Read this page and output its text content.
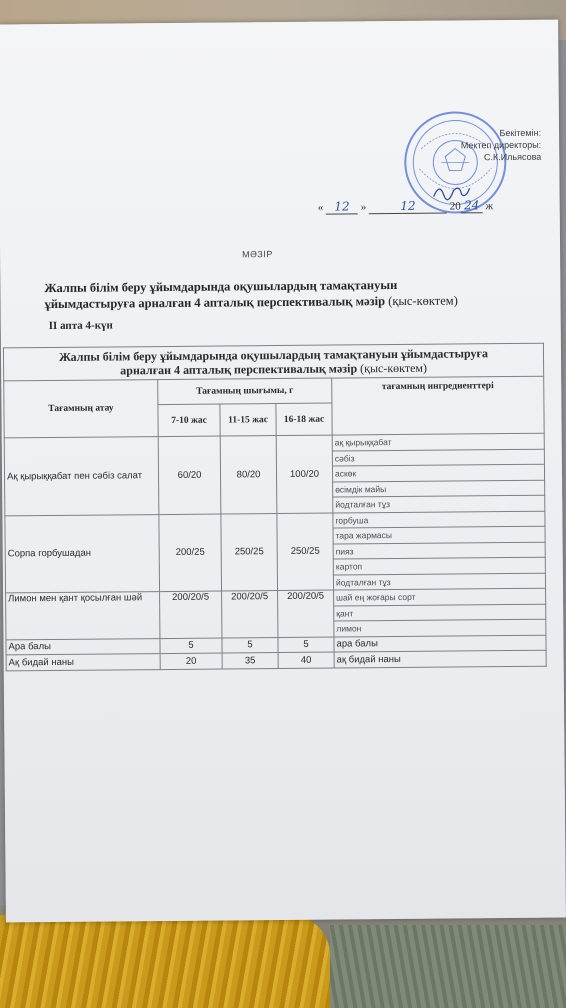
Бекітемін:
Мектеп директоры:
С.К.Ильясова
« 12 »	12	20 24 ж
МӘЗІР
Жалпы білім беру ұйымдарында оқушылардың тамақтануын
ұйымдастыруға арналған 4 апталық перспективалық мәзір (қыс-көктем)
II апта 4-күн
Жалпы білім беру ұйымдарында оқушылардың тамақтануын ұйымдастыруға
арналған 4 апталық перспективалық мәзір (қыс-көктем)				

Тағамның атау	Тағамның шығымы, г			тағамның ингредиенттері
	7-10 жас	11-15 жас	16-18 жас	
Ақ қырыққабат пен сәбіз салат	60/20	80/20	100/20	ақ қырыққабат
				сәбіз
				аскөк
				өсімдік майы
				йодталған тұз
Сорпа горбушадан	200/25	250/25	250/25	горбуша
				тара жармасы
				пияз
				картоп
				йодталған тұз
Лимон мен қант қосылған шәй	200/20/5	200/20/5	200/20/5	шай ең жоғары сорт
				қант
				лимон
Ара балы	5	5	5	ара балы
Ақ бидай наны	20	35	40	ақ бидай наны
